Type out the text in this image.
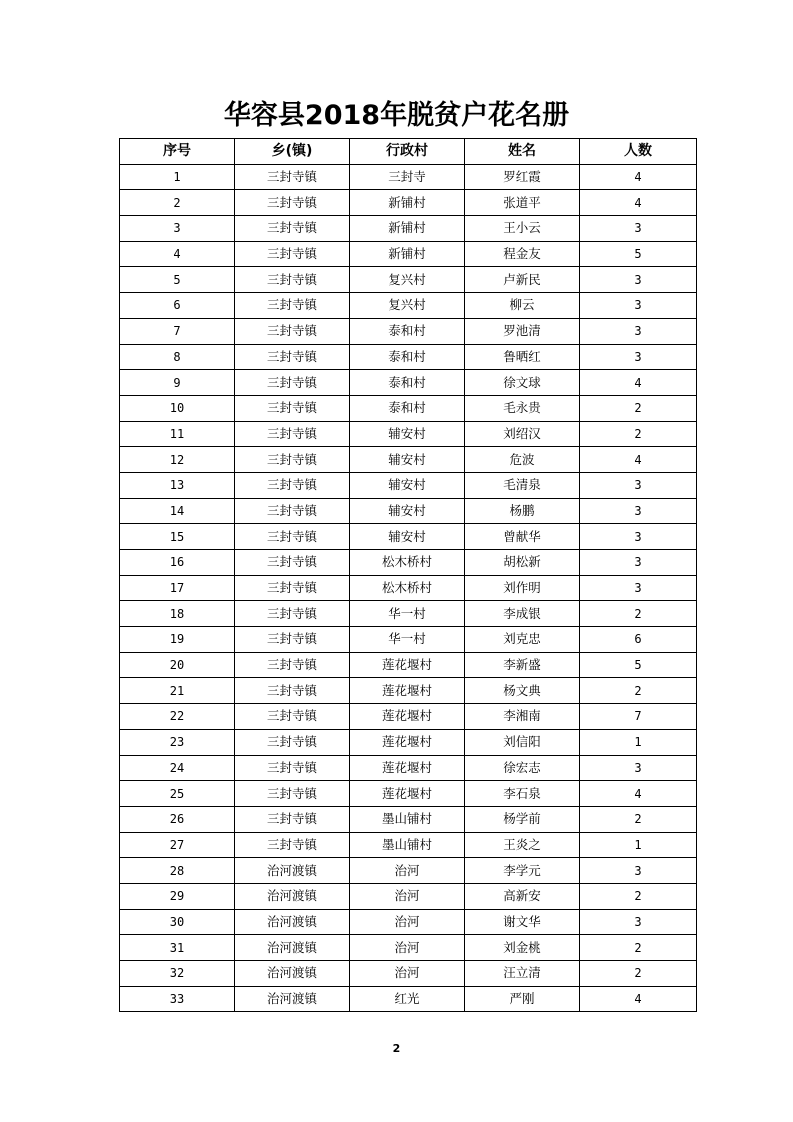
华容县2018年脱贫户花名册
序号	乡(镇)	行政村	姓名	人数
1	三封寺镇	三封寺	罗红霞	4
2	三封寺镇	新铺村	张道平	4
3	三封寺镇	新铺村	王小云	3
4	三封寺镇	新铺村	程金友	5
5	三封寺镇	复兴村	卢新民	3
6	三封寺镇	复兴村	柳云	3
7	三封寺镇	泰和村	罗池清	3
8	三封寺镇	泰和村	鲁晒红	3
9	三封寺镇	泰和村	徐文球	4
10	三封寺镇	泰和村	毛永贵	2
11	三封寺镇	辅安村	刘绍汉	2
12	三封寺镇	辅安村	危波	4
13	三封寺镇	辅安村	毛清泉	3
14	三封寺镇	辅安村	杨鹏	3
15	三封寺镇	辅安村	曾献华	3
16	三封寺镇	松木桥村	胡松新	3
17	三封寺镇	松木桥村	刘作明	3
18	三封寺镇	华一村	李成银	2
19	三封寺镇	华一村	刘克忠	6
20	三封寺镇	莲花堰村	李新盛	5
21	三封寺镇	莲花堰村	杨文典	2
22	三封寺镇	莲花堰村	李湘南	7
23	三封寺镇	莲花堰村	刘信阳	1
24	三封寺镇	莲花堰村	徐宏志	3
25	三封寺镇	莲花堰村	李石泉	4
26	三封寺镇	墨山铺村	杨学前	2
27	三封寺镇	墨山铺村	王炎之	1
28	治河渡镇	治河	李学元	3
29	治河渡镇	治河	高新安	2
30	治河渡镇	治河	谢文华	3
31	治河渡镇	治河	刘金桃	2
32	治河渡镇	治河	汪立清	2
33	治河渡镇	红光	严刚	4
2
